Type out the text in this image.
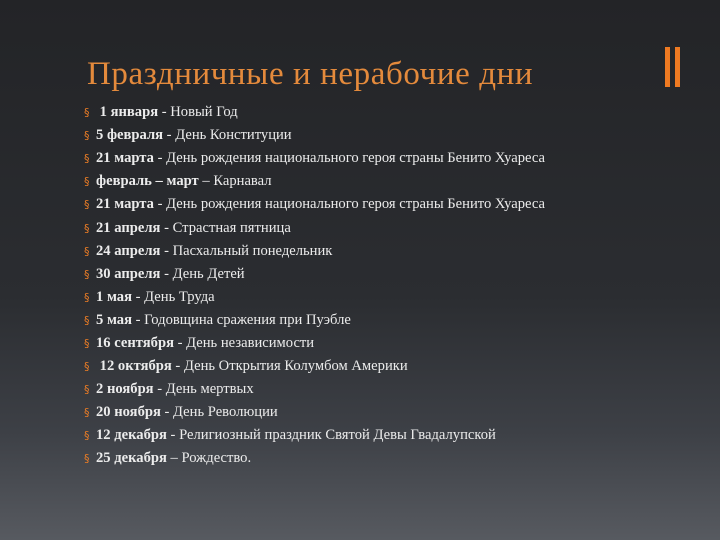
Праздничные и нерабочие дни
§ 1 января - Новый Год
§ 5 февраля - День Конституции
§ 21 марта - День рождения национального героя страны Бенито Хуареса
§ февраль – март – Карнавал
§ 21 марта - День рождения национального героя страны Бенито Хуареса
§ 21 апреля - Страстная пятница
§ 24 апреля - Пасхальный понедельник
§ 30 апреля - День Детей
§ 1 мая - День Труда
§ 5 мая - Годовщина сражения при Пуэбле
§ 16 сентября - День независимости
§ 12 октября - День Открытия Колумбом Америки
§ 2 ноября - День мертвых
§ 20 ноября - День Революции
§ 12 декабря - Религиозный праздник Святой Девы Гвадалупской
§ 25 декабря – Рождество.
